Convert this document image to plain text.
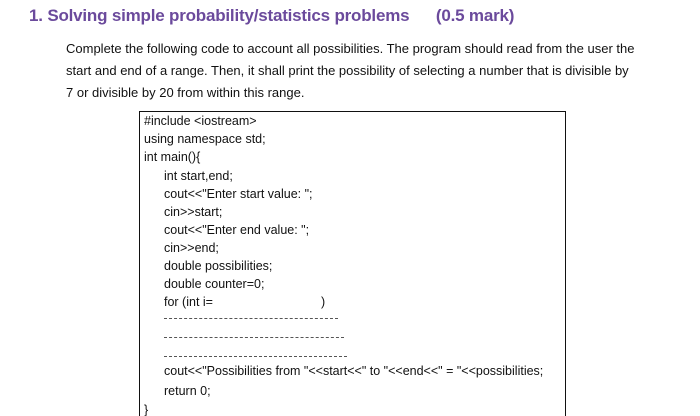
1. Solving simple probability/statistics problems (0.5 mark)
Complete the following code to account all possibilities. The program should read from the user the
start and end of a range. Then, it shall print the possibility of selecting a number that is divisible by
7 or divisible by 20 from within this range.
#include <iostream>
using namespace std;
int main(){
int start,end;
cout<<"Enter start value: ";
cin>>start;
cout<<"Enter end value: ";
cin>>end;
double possibilities;
double counter=0;
for (int i=	)
cout<<"Possibilities from "<<start<<" to "<<end<<" = "<<possibilities;
return 0;
}
